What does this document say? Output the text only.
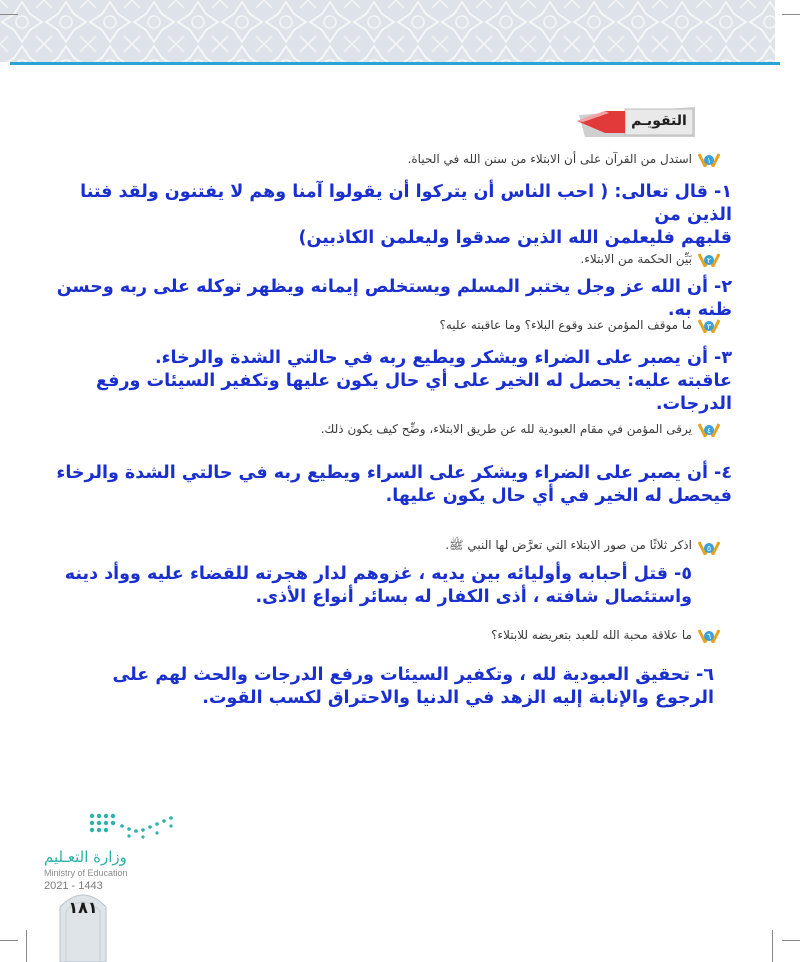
التقويـم
١
استدل من القرآن على أن الابتلاء من سنن الله في الحياة.
١- قال تعالى: ( احب الناس أن يتركوا أن يقولوا آمنا وهم لا يفتنون ولقد فتنا الذين من
قلبهم فليعلمن الله الذين صدقوا وليعلمن الكاذبين)
٢
بَيِّن الحكمة من الابتلاء.
٢- أن الله عز وجل يختبر المسلم ويستخلص إيمانه ويظهر توكله على ربه وحسن ظنه به.
٣
ما موقف المؤمن عند وقوع البلاء؟ وما عاقبته عليه؟
٣- أن يصبر على الضراء ويشكر ويطيع ربه في حالتي الشدة والرخاء.
عاقبته عليه: يحصل له الخير على أي حال يكون عليها وتكفير السيئات ورفع الدرجات.
٤
يرقى المؤمن في مقام العبودية لله عن طريق الابتلاء، وضِّح كيف يكون ذلك.
٤- أن يصبر على الضراء ويشكر على السراء ويطيع ربه في حالتي الشدة والرخاء
فيحصل له الخير في أي حال يكون عليها.
٥
اذكر ثلاثًا من صور الابتلاء التي تعرَّض لها النبي ﷺ.
٥- قتل أحبابه وأوليائه بين يديه ، غزوهم لدار هجرته للقضاء عليه ووأد دينه
واستئصال شافته ، أذى الكفار له بسائر أنواع الأذى.
٦
ما علاقة محبة الله للعبد بتعريضه للابتلاء؟
٦- تحقيق العبودية لله ، وتكفير السيئات ورفع الدرجات والحث لهم على
الرجوع والإنابة إليه الزهد في الدنيا والاحتراق لكسب القوت.
وزارة التعـليم
Ministry of Education
2021 - 1443
١٨١
